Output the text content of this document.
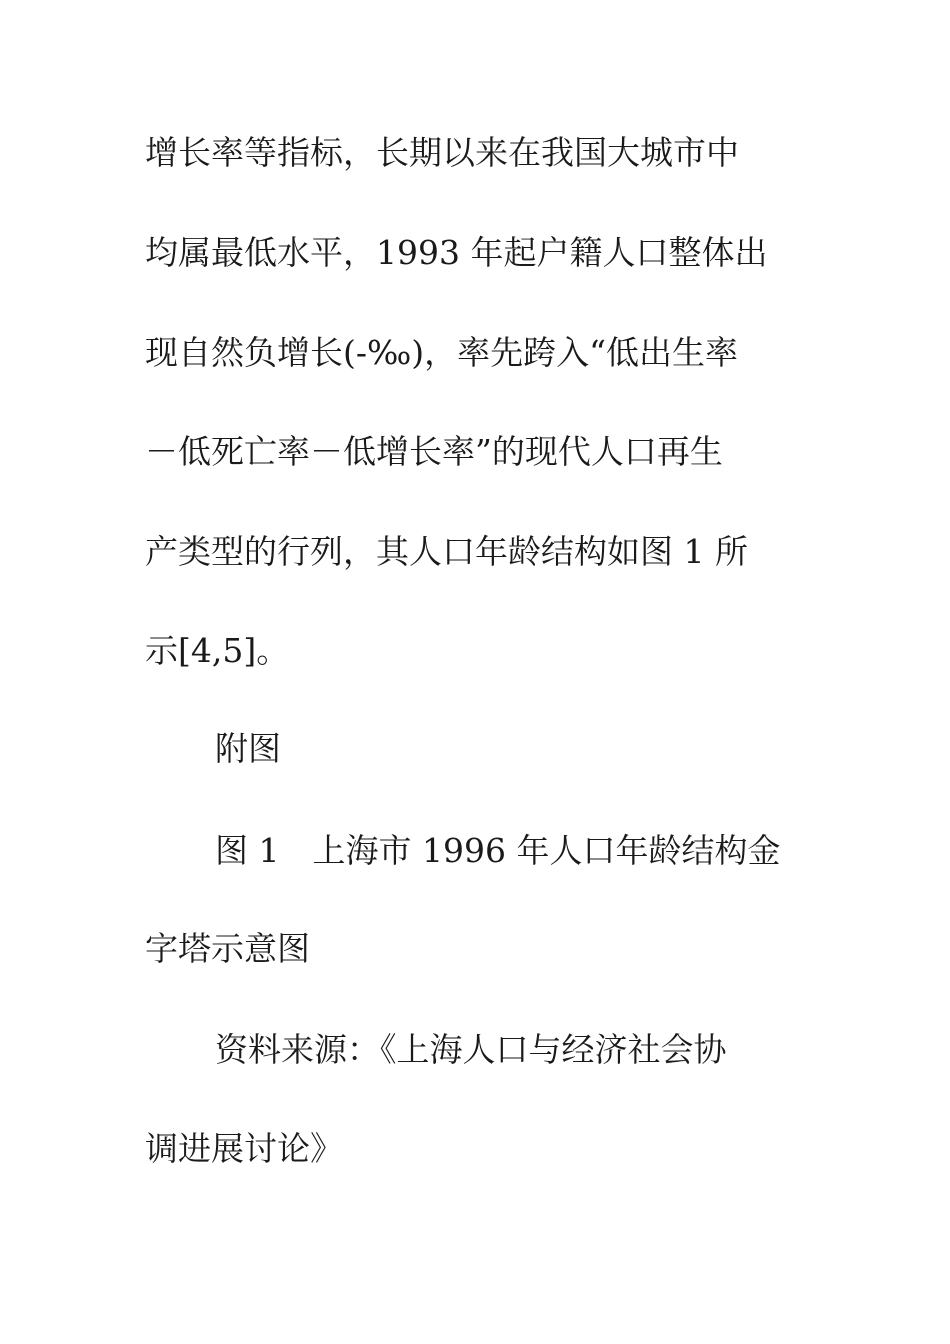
增长率等指标，长期以来在我国大城市中
均属最低水平，1993 年起户籍人口整体出
现自然负增长(-‰)，率先跨入“低出生率
－低死亡率－低增长率”的现代人口再生
产类型的行列，其人口年龄结构如图 1 所
示[4,5]。
附图
图 1　上海市 1996 年人口年龄结构金
字塔示意图
资料来源：《上海人口与经济社会协
调进展讨论》
